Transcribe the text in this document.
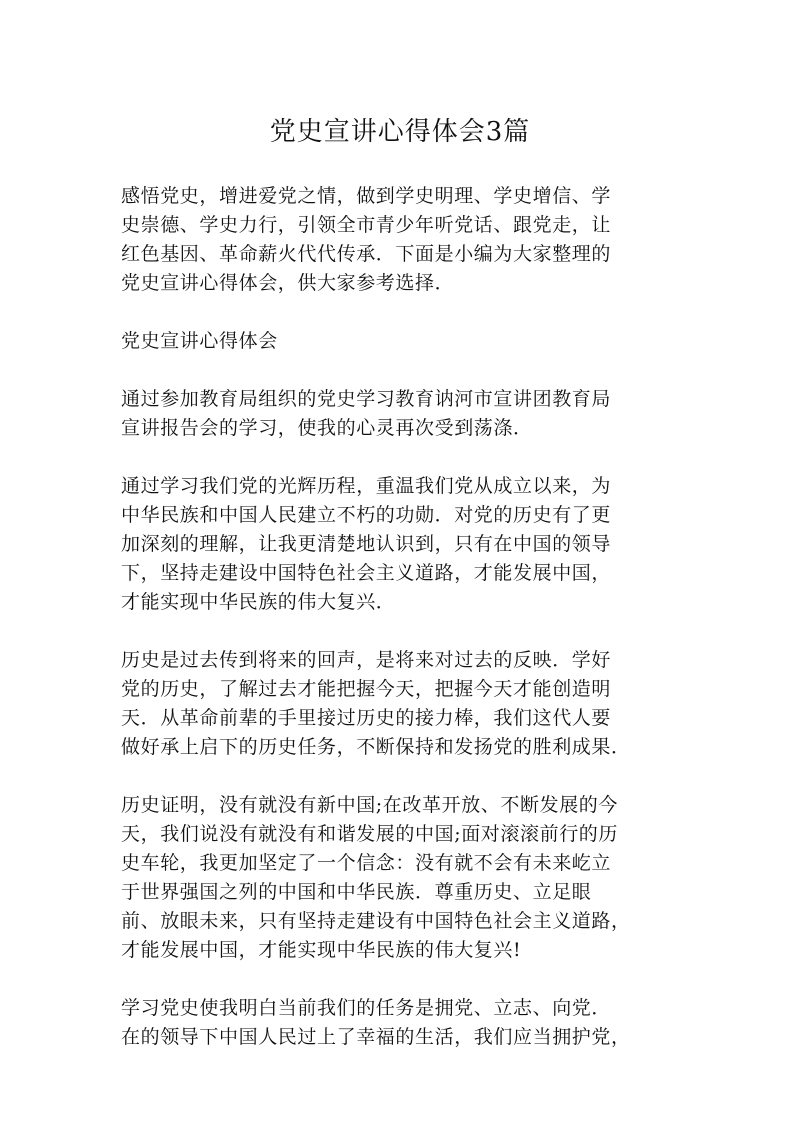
党史宣讲心得体会3篇
感悟党史，增进爱党之情，做到学史明理、学史增信、学
史崇德、学史力行，引领全市青少年听党话、跟党走，让
红色基因、革命薪火代代传承．下面是小编为大家整理的
党史宣讲心得体会，供大家参考选择．
党史宣讲心得体会
通过参加教育局组织的党史学习教育讷河市宣讲团教育局
宣讲报告会的学习，使我的心灵再次受到荡涤．
通过学习我们党的光辉历程，重温我们党从成立以来，为
中华民族和中国人民建立不朽的功勋．对党的历史有了更
加深刻的理解，让我更清楚地认识到，只有在中国的领导
下，坚持走建设中国特色社会主义道路，才能发展中国，
才能实现中华民族的伟大复兴．
历史是过去传到将来的回声，是将来对过去的反映．学好
党的历史，了解过去才能把握今天，把握今天才能创造明
天．从革命前辈的手里接过历史的接力棒，我们这代人要
做好承上启下的历史任务，不断保持和发扬党的胜利成果．
历史证明，没有就没有新中国;在改革开放、不断发展的今
天，我们说没有就没有和谐发展的中国;面对滚滚前行的历
史车轮，我更加坚定了一个信念：没有就不会有未来屹立
于世界强国之列的中国和中华民族．尊重历史、立足眼
前、放眼未来，只有坚持走建设有中国特色社会主义道路，
才能发展中国，才能实现中华民族的伟大复兴!
学习党史使我明白当前我们的任务是拥党、立志、向党．
在的领导下中国人民过上了幸福的生活，我们应当拥护党，
